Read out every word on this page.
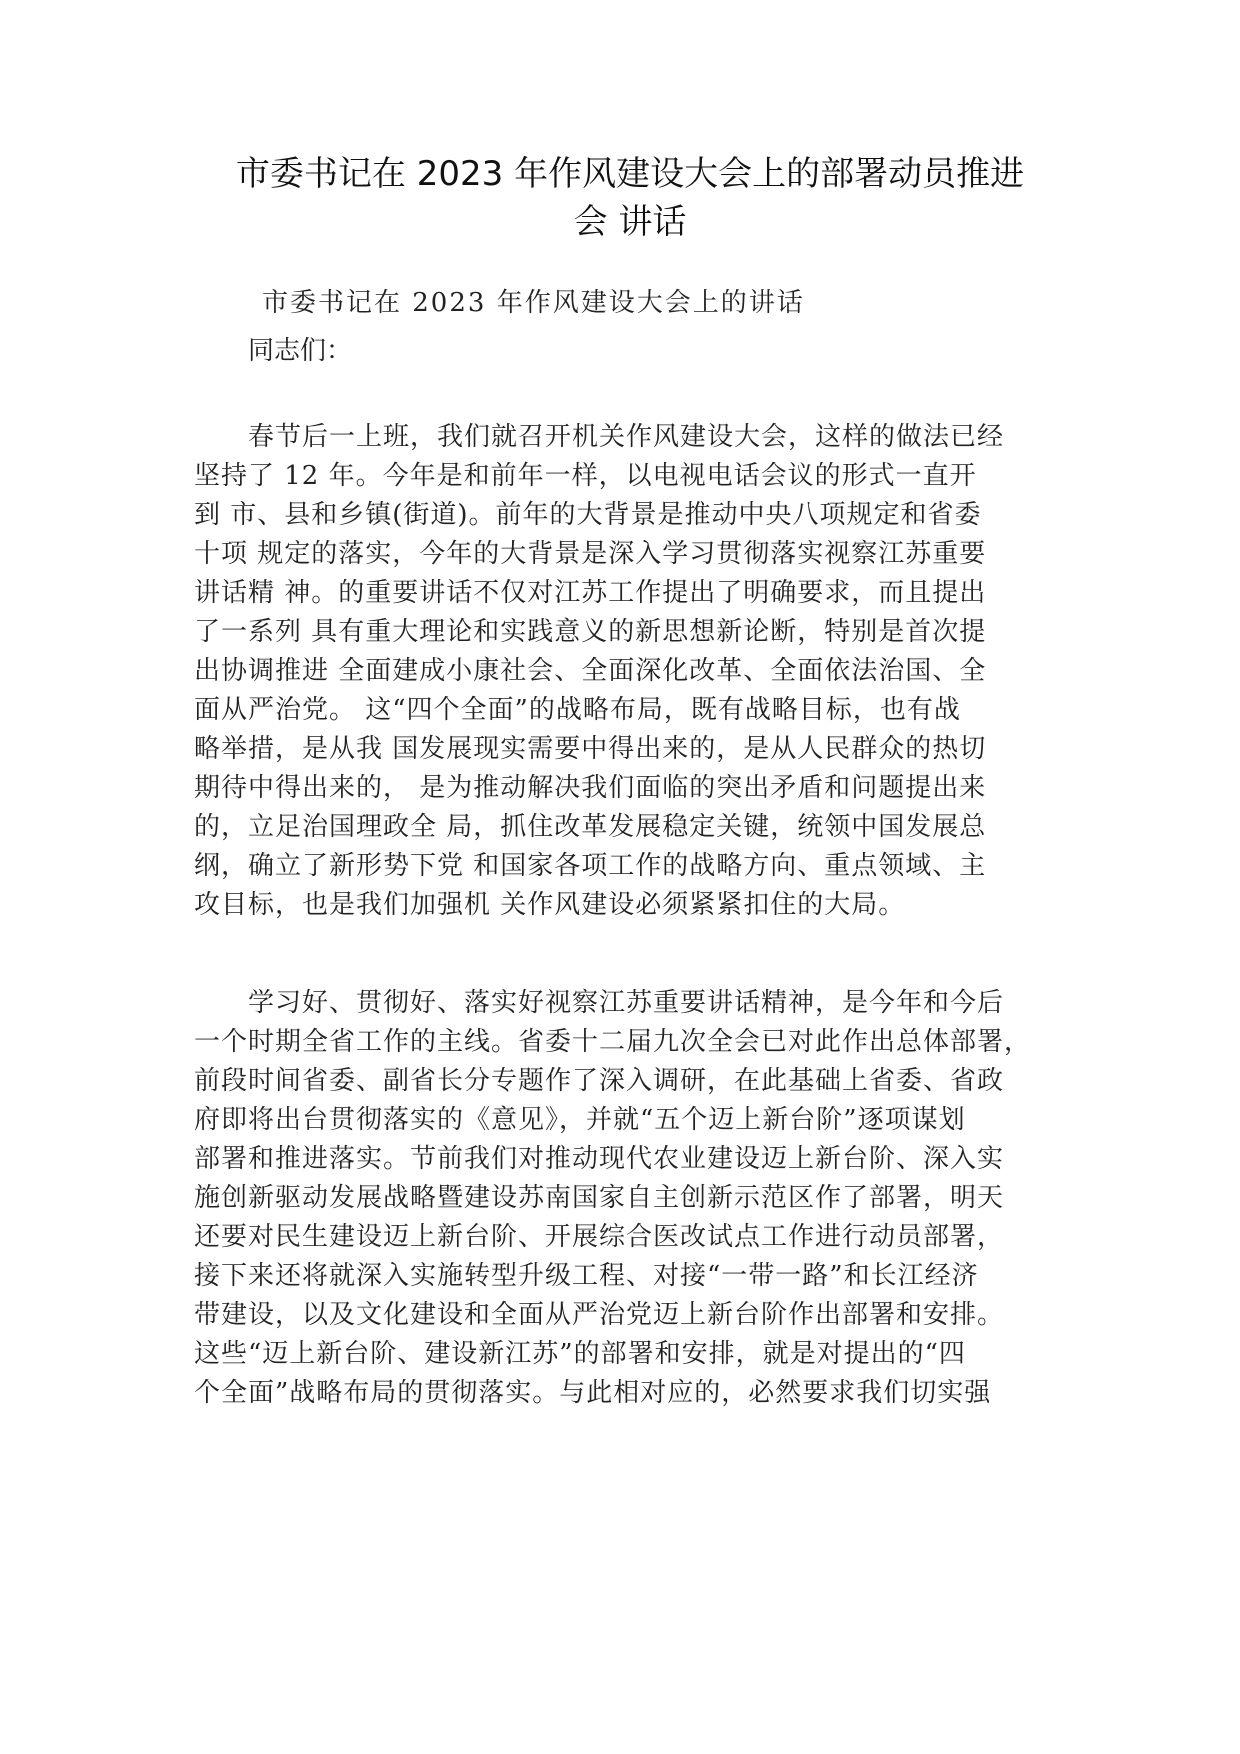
市委书记在 2023 年作风建设大会上的部署动员推进
会 讲话
市委书记在 2023 年作风建设大会上的讲话
同志们：
春节后一上班，我们就召开机关作风建设大会，这样的做法已经
坚持了 12 年。今年是和前年一样，以电视电话会议的形式一直开
到 市、县和乡镇(街道)。前年的大背景是推动中央八项规定和省委
十项 规定的落实，今年的大背景是深入学习贯彻落实视察江苏重要
讲话精 神。的重要讲话不仅对江苏工作提出了明确要求，而且提出
了一系列 具有重大理论和实践意义的新思想新论断，特别是首次提
出协调推进 全面建成小康社会、全面深化改革、全面依法治国、全
面从严治党。 这“四个全面”的战略布局，既有战略目标，也有战
略举措，是从我 国发展现实需要中得出来的，是从人民群众的热切
期待中得出来的， 是为推动解决我们面临的突出矛盾和问题提出来
的，立足治国理政全 局，抓住改革发展稳定关键，统领中国发展总
纲，确立了新形势下党 和国家各项工作的战略方向、重点领域、主
攻目标，也是我们加强机 关作风建设必须紧紧扣住的大局。
学习好、贯彻好、落实好视察江苏重要讲话精神，是今年和今后
一个时期全省工作的主线。省委十二届九次全会已对此作出总体部署，
前段时间省委、副省长分专题作了深入调研，在此基础上省委、省政
府即将出台贯彻落实的《意见》，并就“五个迈上新台阶”逐项谋划
部署和推进落实。节前我们对推动现代农业建设迈上新台阶、深入实
施创新驱动发展战略暨建设苏南国家自主创新示范区作了部署，明天
还要对民生建设迈上新台阶、开展综合医改试点工作进行动员部署，
接下来还将就深入实施转型升级工程、对接“一带一路”和长江经济
带建设，以及文化建设和全面从严治党迈上新台阶作出部署和安排。
这些“迈上新台阶、建设新江苏”的部署和安排，就是对提出的“四
个全面”战略布局的贯彻落实。与此相对应的，必然要求我们切实强
